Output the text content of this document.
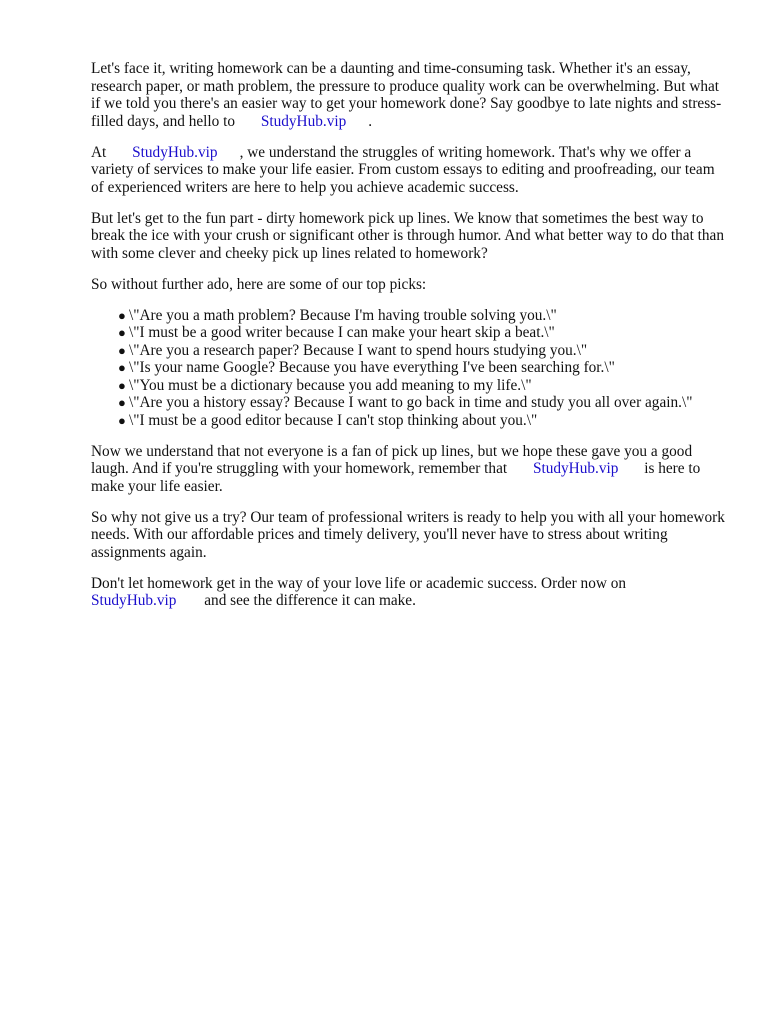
Let's face it, writing homework can be a daunting and time-consuming task. Whether it's an essay, research paper, or math problem, the pressure to produce quality work can be overwhelming. But what if we told you there's an easier way to get your homework done? Say goodbye to late nights and stress-filled days, and hello to StudyHub.vip .

At StudyHub.vip , we understand the struggles of writing homework. That's why we offer a variety of services to make your life easier. From custom essays to editing and proofreading, our team of experienced writers are here to help you achieve academic success.

But let's get to the fun part - dirty homework pick up lines. We know that sometimes the best way to break the ice with your crush or significant other is through humor. And what better way to do that than with some clever and cheeky pick up lines related to homework?

So without further ado, here are some of our top picks:

● \"Are you a math problem? Because I'm having trouble solving you.\"
● \"I must be a good writer because I can make your heart skip a beat.\"
● \"Are you a research paper? Because I want to spend hours studying you.\"
● \"Is your name Google? Because you have everything I've been searching for.\"
● \"You must be a dictionary because you add meaning to my life.\"
● \"Are you a history essay? Because I want to go back in time and study you all over again.\"
● \"I must be a good editor because I can't stop thinking about you.\"

Now we understand that not everyone is a fan of pick up lines, but we hope these gave you a good laugh. And if you're struggling with your homework, remember that StudyHub.vip is here to make your life easier.

So why not give us a try? Our team of professional writers is ready to help you with all your homework needs. With our affordable prices and timely delivery, you'll never have to stress about writing assignments again.

Don't let homework get in the way of your love life or academic success. Order now on StudyHub.vip and see the difference it can make.
